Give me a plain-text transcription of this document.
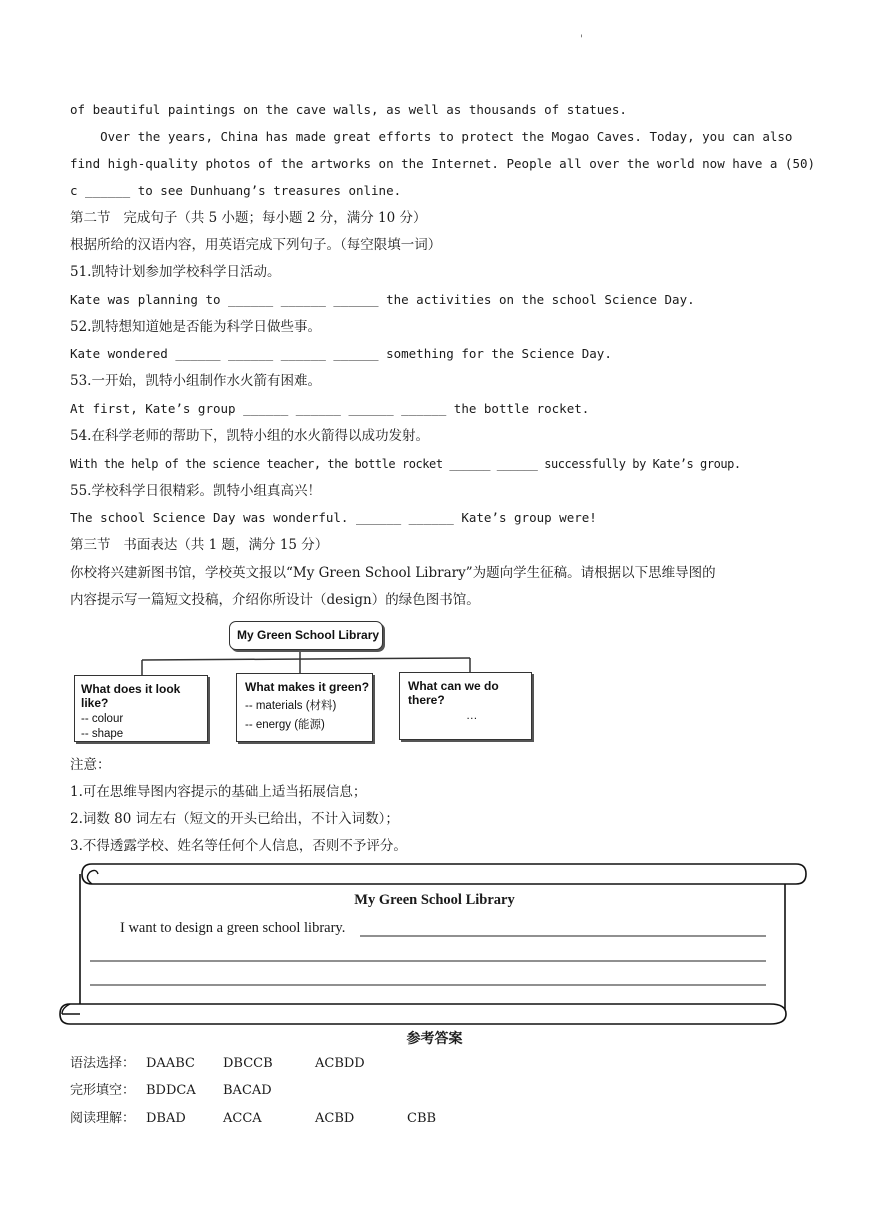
'
of beautiful paintings on the cave walls, as well as thousands of statues.
Over the years, China has made great efforts to protect the Mogao Caves. Today, you can also
find high-quality photos of the artworks on the Internet. People all over the world now have a (50)
c ______ to see Dunhuang’s treasures online.
第二节   完成句子（共 5 小题；每小题 2 分，满分 10 分）
根据所给的汉语内容，用英语完成下列句子。（每空限填一词）
51.凯特计划参加学校科学日活动。
Kate was planning to ______ ______ ______ the activities on the school Science Day.
52.凯特想知道她是否能为科学日做些事。
Kate wondered ______ ______ ______ ______ something for the Science Day.
53.一开始，凯特小组制作水火箭有困难。
At first, Kate’s group ______ ______ ______ ______ the bottle rocket.
54.在科学老师的帮助下，凯特小组的水火箭得以成功发射。
With the help of the science teacher, the bottle rocket ______ ______ successfully by Kate’s group.
55.学校科学日很精彩。凯特小组真高兴！
The school Science Day was wonderful. ______ ______ Kate’s group were!
第三节   书面表达（共 1 题，满分 15 分）
你校将兴建新图书馆，学校英文报以“My Green School Library”为题向学生征稿。请根据以下思维导图的
内容提示写一篇短文投稿，介绍你所设计（design）的绿色图书馆。
My Green School Library
What does it look like?
-- colour
-- shape
What makes it green?
-- materials (材料)
-- energy (能源)
What can we do there?
…
注意：
1.可在思维导图内容提示的基础上适当拓展信息；
2.词数 80 词左右（短文的开头已给出，不计入词数）；
3.不得透露学校、姓名等任何个人信息，否则不予评分。
My Green School Library
I want to design a green school library.
参考答案
语法选择： DAABC DBCCB	ACBDD
完形填空： BDDCA BACAD
阅读理解： DBAD	ACCA	ACBD	CBB
